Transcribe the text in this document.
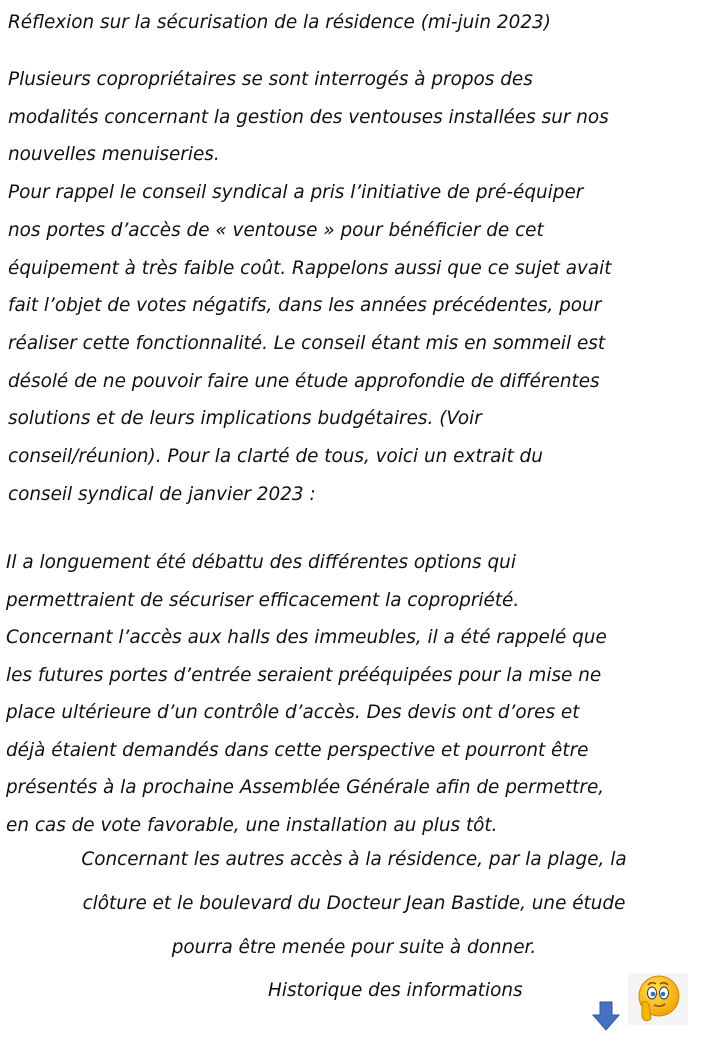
Réflexion sur la sécurisation de la résidence (mi-juin 2023)
Plusieurs copropriétaires se sont interrogés à propos des
modalités concernant la gestion des ventouses installées sur nos
nouvelles menuiseries.
Pour rappel le conseil syndical a pris l’initiative de pré-équiper
nos portes d’accès de « ventouse » pour bénéficier de cet
équipement à très faible coût. Rappelons aussi que ce sujet avait
fait l’objet de votes négatifs, dans les années précédentes, pour
réaliser cette fonctionnalité. Le conseil étant mis en sommeil est
désolé de ne pouvoir faire une étude approfondie de différentes
solutions et de leurs implications budgétaires. (Voir
conseil/réunion). Pour la clarté de tous, voici un extrait du
conseil syndical de janvier 2023 :
Il a longuement été débattu des différentes options qui
permettraient de sécuriser efficacement la copropriété.
Concernant l’accès aux halls des immeubles, il a été rappelé que
les futures portes d’entrée seraient prééquipées pour la mise ne
place ultérieure d’un contrôle d’accès. Des devis ont d’ores et
déjà étaient demandés dans cette perspective et pourront être
présentés à la prochaine Assemblée Générale afin de permettre,
en cas de vote favorable, une installation au plus tôt.
Concernant les autres accès à la résidence, par la plage, la
clôture et le boulevard du Docteur Jean Bastide, une étude
pourra être menée pour suite à donner.
Historique des informations
